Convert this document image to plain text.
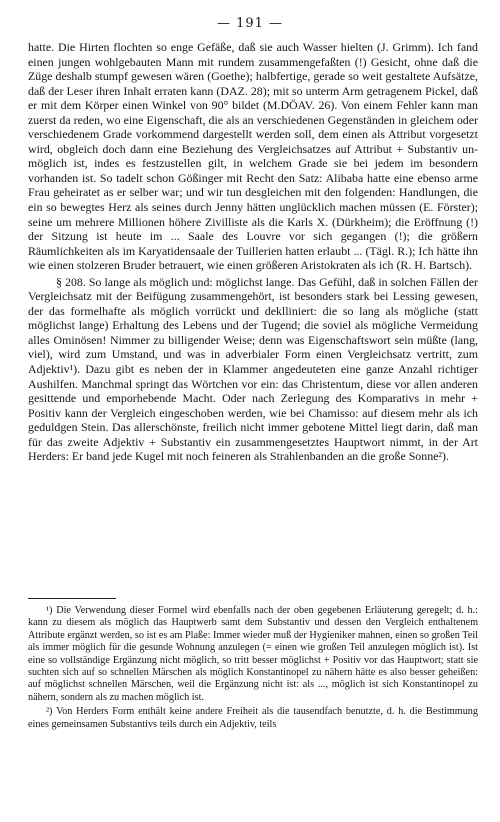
— 191 —

hatte. Die Hirten flochten so enge Gefäße, daß sie auch Wasser hielten (J. Grimm). Ich fand einen jungen wohlgebauten Mann mit rundem zusammengefaßten (!) Gesicht, ohne daß die Züge deshalb stumpf gewesen wären (Goethe); halbfertige, gerade so weit gestaltete Aufsätze, daß der Leser ihren Inhalt erraten kann (DAZ. 28); mit so unterm Arm getragenem Pickel, daß er mit dem Körper einen Winkel von 90° bildet (M.DÖAV. 26). Von einem Fehler kann man zuerst da reden, wo eine Eigenschaft, die als an verschiedenen Gegenständen in gleichem oder verschiedenem Grade vorkommend dargestellt werden soll, dem einen als Attribut vorgesetzt wird, obgleich doch dann eine Beziehung des Vergleichsatzes auf Attribut + Substantiv un-möglich ist, indes es festzustellen gilt, in welchem Grade sie bei jedem im besondern vorhanden ist. So tadelt schon Gößinger mit Recht den Satz: Alibaba hatte eine ebenso arme Frau geheiratet as er selber war; und wir tun desgleichen mit den folgenden: Handlungen, die ein so bewegtes Herz als seines durch Jenny hätten unglücklich machen müssen (E. Förster); seine um mehrere Millionen höhere Zivilliste als die Karls X. (Dürkheim); die Eröffnung (!) der Sitzung ist heute im ... Saale des Louvre vor sich gegangen (!); die größern Räumlichkeiten als im Karyatidensaale der Tuillerien hatten erlaubt ... (Tägl. R.); Ich hätte ihn wie einen stolzeren Bruder betrauert, wie einen größeren Aristokraten als ich (R. H. Bartsch).

§ 208. So lange als möglich und: möglichst lange. Das Gefühl, daß in solchen Fällen der Vergleichsatz mit der Beifügung zusammengehört, ist besonders stark bei Lessing gewesen, der das formelhafte als möglich vorrückt und deklliniert: die so lang als mögliche (statt möglichst lange) Erhaltung des Lebens und der Tugend; die soviel als mögliche Vermeidung alles Ominösen! Nimmer zu billigender Weise; denn was Eigenschaftswort sein müßte (lang, viel), wird zum Umstand, und was in adverbialer Form einen Vergleichsatz vertritt, zum Adjektiv¹). Dazu gibt es neben der in Klammer angedeuteten eine ganze Anzahl richtiger Aushilfen. Manchmal springt das Wörtchen vor ein: das Christentum, diese vor allen anderen gesittende und emporhebende Macht. Oder nach Zerlegung des Komparativs in mehr + Positiv kann der Vergleich eingeschoben werden, wie bei Chamisso: auf diesem mehr als ich geduldgen Stein. Das allerschönste, freilich nicht immer gebotene Mittel liegt darin, daß man für das zweite Adjektiv + Substantiv ein zusammengesetztes Hauptwort nimmt, in der Art Herders: Er band jede Kugel mit noch feineren als Strahlenbanden an die große Sonne²).

¹) Die Verwendung dieser Formel wird ebenfalls nach der oben gegebenen Erläuterung geregelt; d. h.: kann zu diesem als möglich das Hauptwerb samt dem Substantiv und dessen den Vergleich enthaltenem Attribute ergänzt werden, so ist es am Plaße: Immer wieder muß der Hygieniker mahnen, einen so großen Teil als immer möglich für die gesunde Wohnung anzulegen (= einen wie großen Teil anzulegen möglich ist). Ist eine so vollständige Ergänzung nicht möglich, so tritt besser möglichst + Positiv vor das Hauptwort; statt sie suchten sich auf so schnellen Märschen als möglich Konstantinopel zu nähern hätte es also besser geheißen: auf möglichst schnellen Märschen, weil die Ergänzung nicht ist: als ..., möglich ist sich Konstantinopel zu nähern, sondern als zu machen möglich ist.

²) Von Herders Form enthält keine andere Freiheit als die tausendfach benutzte, d. h. die Bestimmung eines gemeinsamen Substantivs teils durch ein Adjektiv, teils
